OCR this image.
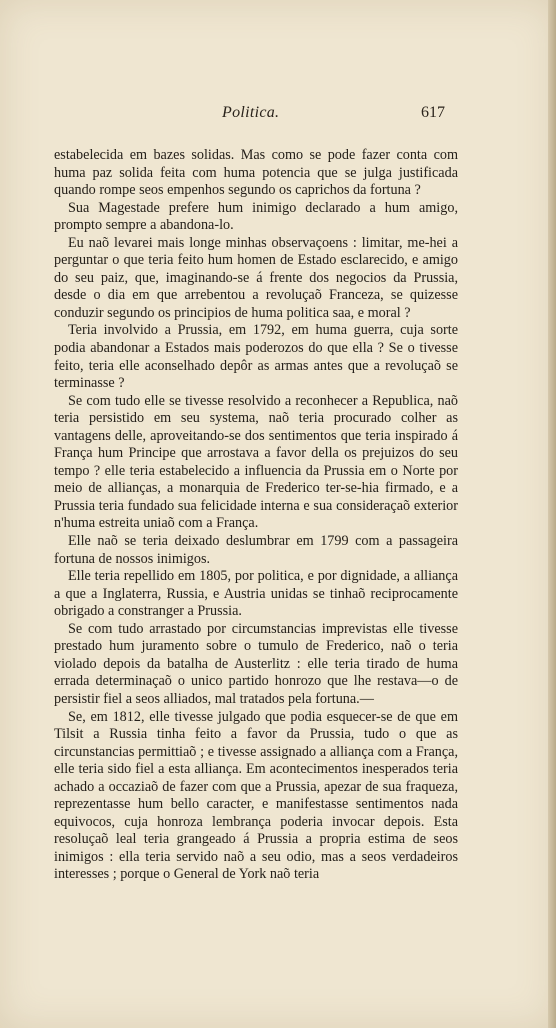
Politica.	617

estabelecida em bazes solidas. Mas como se pode fazer conta com huma paz solida feita com huma potencia que se julga justificada quando rompe seos empenhos segundo os caprichos da fortuna ?

Sua Magestade prefere hum inimigo declarado a hum amigo, prompto sempre a abandona-lo.

Eu naõ levarei mais longe minhas observaçoens : limitar, me-hei a perguntar o que teria feito hum homen de Estado esclarecido, e amigo do seu paiz, que, imaginando-se á frente dos negocios da Prussia, desde o dia em que arrebentou a revoluçaõ Franceza, se quizesse conduzir segundo os principios de huma politica saa, e moral ?

Teria involvido a Prussia, em 1792, em huma guerra, cuja sorte podia abandonar a Estados mais poderozos do que ella ? Se o tivesse feito, teria elle aconselhado depôr as armas antes que a revoluçaõ se terminasse ?

Se com tudo elle se tivesse resolvido a reconhecer a Republica, naõ teria persistido em seu systema, naõ teria procurado colher as vantagens delle, aproveitando-se dos sentimentos que teria inspirado á França hum Principe que arrostava a favor della os prejuizos do seu tempo ? elle teria estabelecido a influencia da Prussia em o Norte por meio de allianças, a monarquia de Frederico ter-se-hia firmado, e a Prussia teria fundado sua felicidade interna e sua consideraçaõ exterior n'huma estreita uniaõ com a França.

Elle naõ se teria deixado deslumbrar em 1799 com a passageira fortuna de nossos inimigos.

Elle teria repellido em 1805, por politica, e por dignidade, a alliança a que a Inglaterra, Russia, e Austria unidas se tinhaõ reciprocamente obrigado a constranger a Prussia.

Se com tudo arrastado por circumstancias imprevistas elle tivesse prestado hum juramento sobre o tumulo de Frederico, naõ o teria violado depois da batalha de Austerlitz : elle teria tirado de huma errada determinaçaõ o unico partido honrozo que lhe restava—o de persistir fiel a seos alliados, mal tratados pela fortuna.—

Se, em 1812, elle tivesse julgado que podia esquecer-se de que em Tilsit a Russia tinha feito a favor da Prussia, tudo o que as circunstancias permittiaõ ; e tivesse assignado a alliança com a França, elle teria sido fiel a esta alliança. Em acontecimentos inesperados teria achado a occaziaõ de fazer com que a Prussia, apezar de sua fraqueza, reprezentasse hum bello caracter, e manifestasse sentimentos nada equivocos, cuja honroza lembrança poderia invocar depois. Esta resoluçaõ leal teria grangeado á Prussia a propria estima de seos inimigos : ella teria servido naõ a seu odio, mas a seos verdadeiros interesses ; porque o General de York naõ teria
